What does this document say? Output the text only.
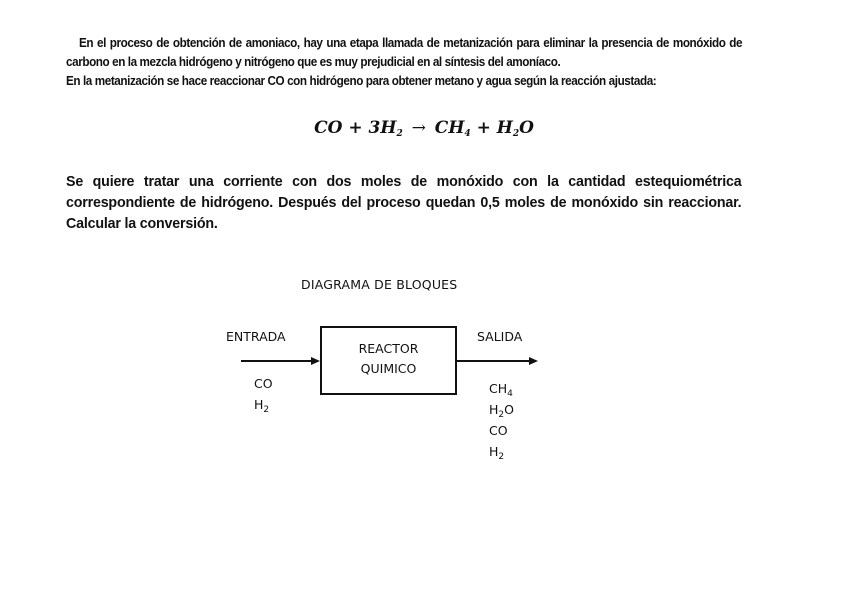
En el proceso de obtención de amoniaco, hay una etapa llamada de metanización para eliminar la presencia de monóxido de carbono en la mezcla hidrógeno y nitrógeno que es muy prejudicial en al síntesis del amoníaco.

En la metanización se hace reaccionar CO con hidrógeno para obtener metano y agua según la reacción ajustada:

CO + $3H_2 \to CH_4 + H_2O$

Se quiere tratar una corriente con dos moles de monóxido con la cantidad estequiométrica correspondiente de hidrógeno. Después del proceso quedan 0,5 moles de monóxido sin reaccionar. Calcular la conversión.

DIAGRAMA DE BLOQUES
ENTRADA	SALIDA
REACTOR
QUIMICO
CO
$H_2$
$CH_4$
$H_2O$
CO
$H_2$
